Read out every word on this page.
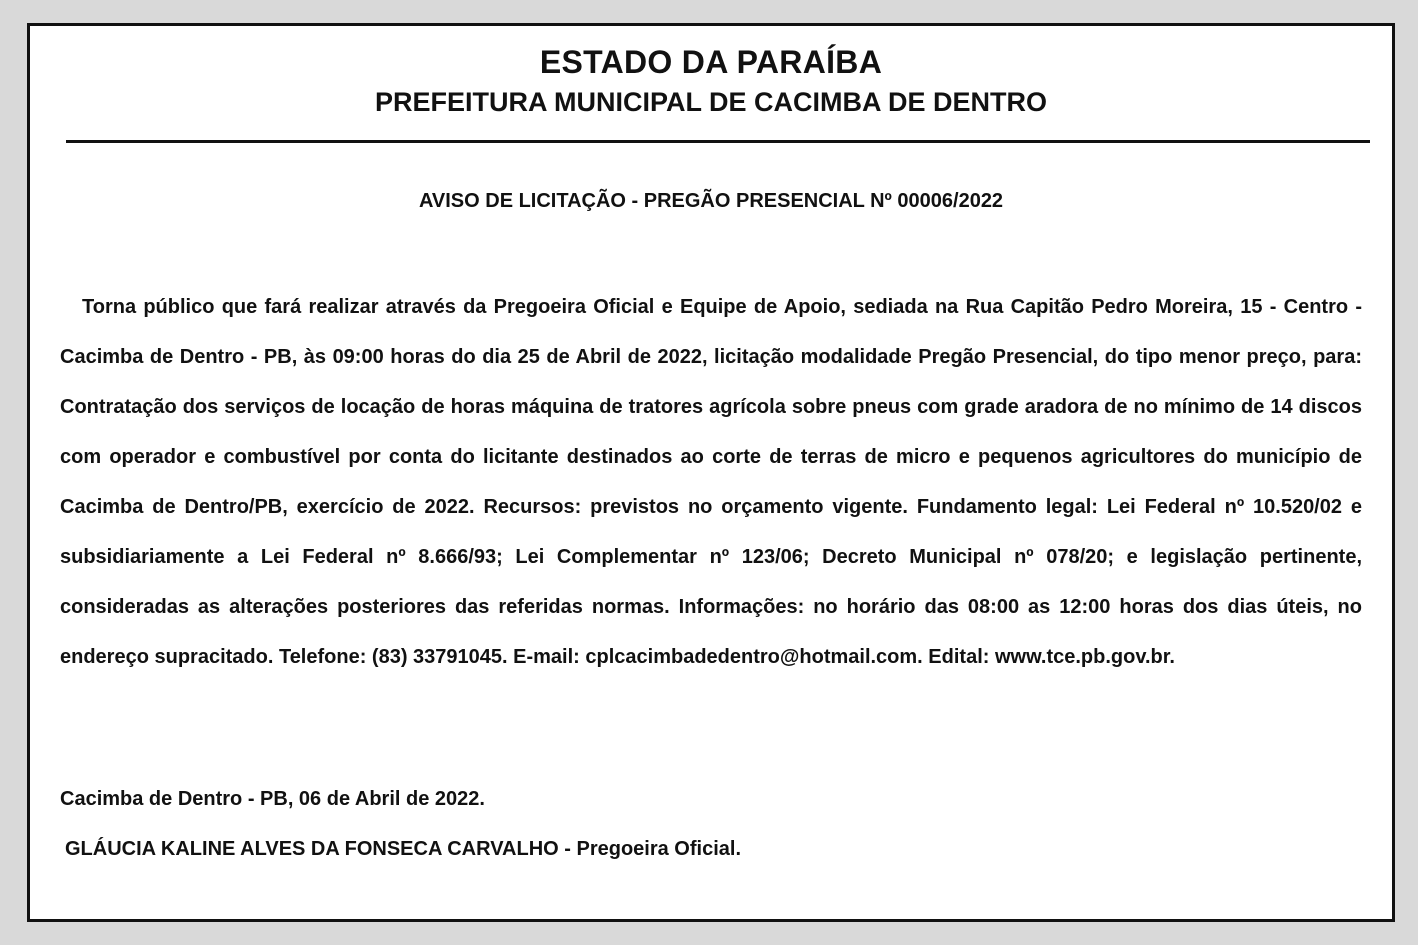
ESTADO DA PARAÍBA
PREFEITURA MUNICIPAL DE CACIMBA DE DENTRO
AVISO DE LICITAÇÃO - PREGÃO PRESENCIAL Nº 00006/2022

Torna público que fará realizar através da Pregoeira Oficial e Equipe de Apoio, sediada na Rua Capitão Pedro Moreira, 15 - Centro - Cacimba de Dentro - PB, às 09:00 horas do dia 25 de Abril de 2022, licitação modalidade Pregão Presencial, do tipo menor preço, para: Contratação dos serviços de locação de horas máquina de tratores agrícola sobre pneus com grade aradora de no mínimo de 14 discos com operador e combustível por conta do licitante destinados ao corte de terras de micro e pequenos agricultores do município de Cacimba de Dentro/PB, exercício de 2022. Recursos: previstos no orçamento vigente. Fundamento legal: Lei Federal nº 10.520/02 e subsidiariamente a Lei Federal nº 8.666/93; Lei Complementar nº 123/06; Decreto Municipal nº 078/20; e legislação pertinente, consideradas as alterações posteriores das referidas normas. Informações: no horário das 08:00 as 12:00 horas dos dias úteis, no endereço supracitado. Telefone: (83) 33791045. E-mail: cplcacimbadedentro@hotmail.com. Edital: www.tce.pb.gov.br.

Cacimba de Dentro - PB, 06 de Abril de 2022.
GLÁUCIA KALINE ALVES DA FONSECA CARVALHO - Pregoeira Oficial.
